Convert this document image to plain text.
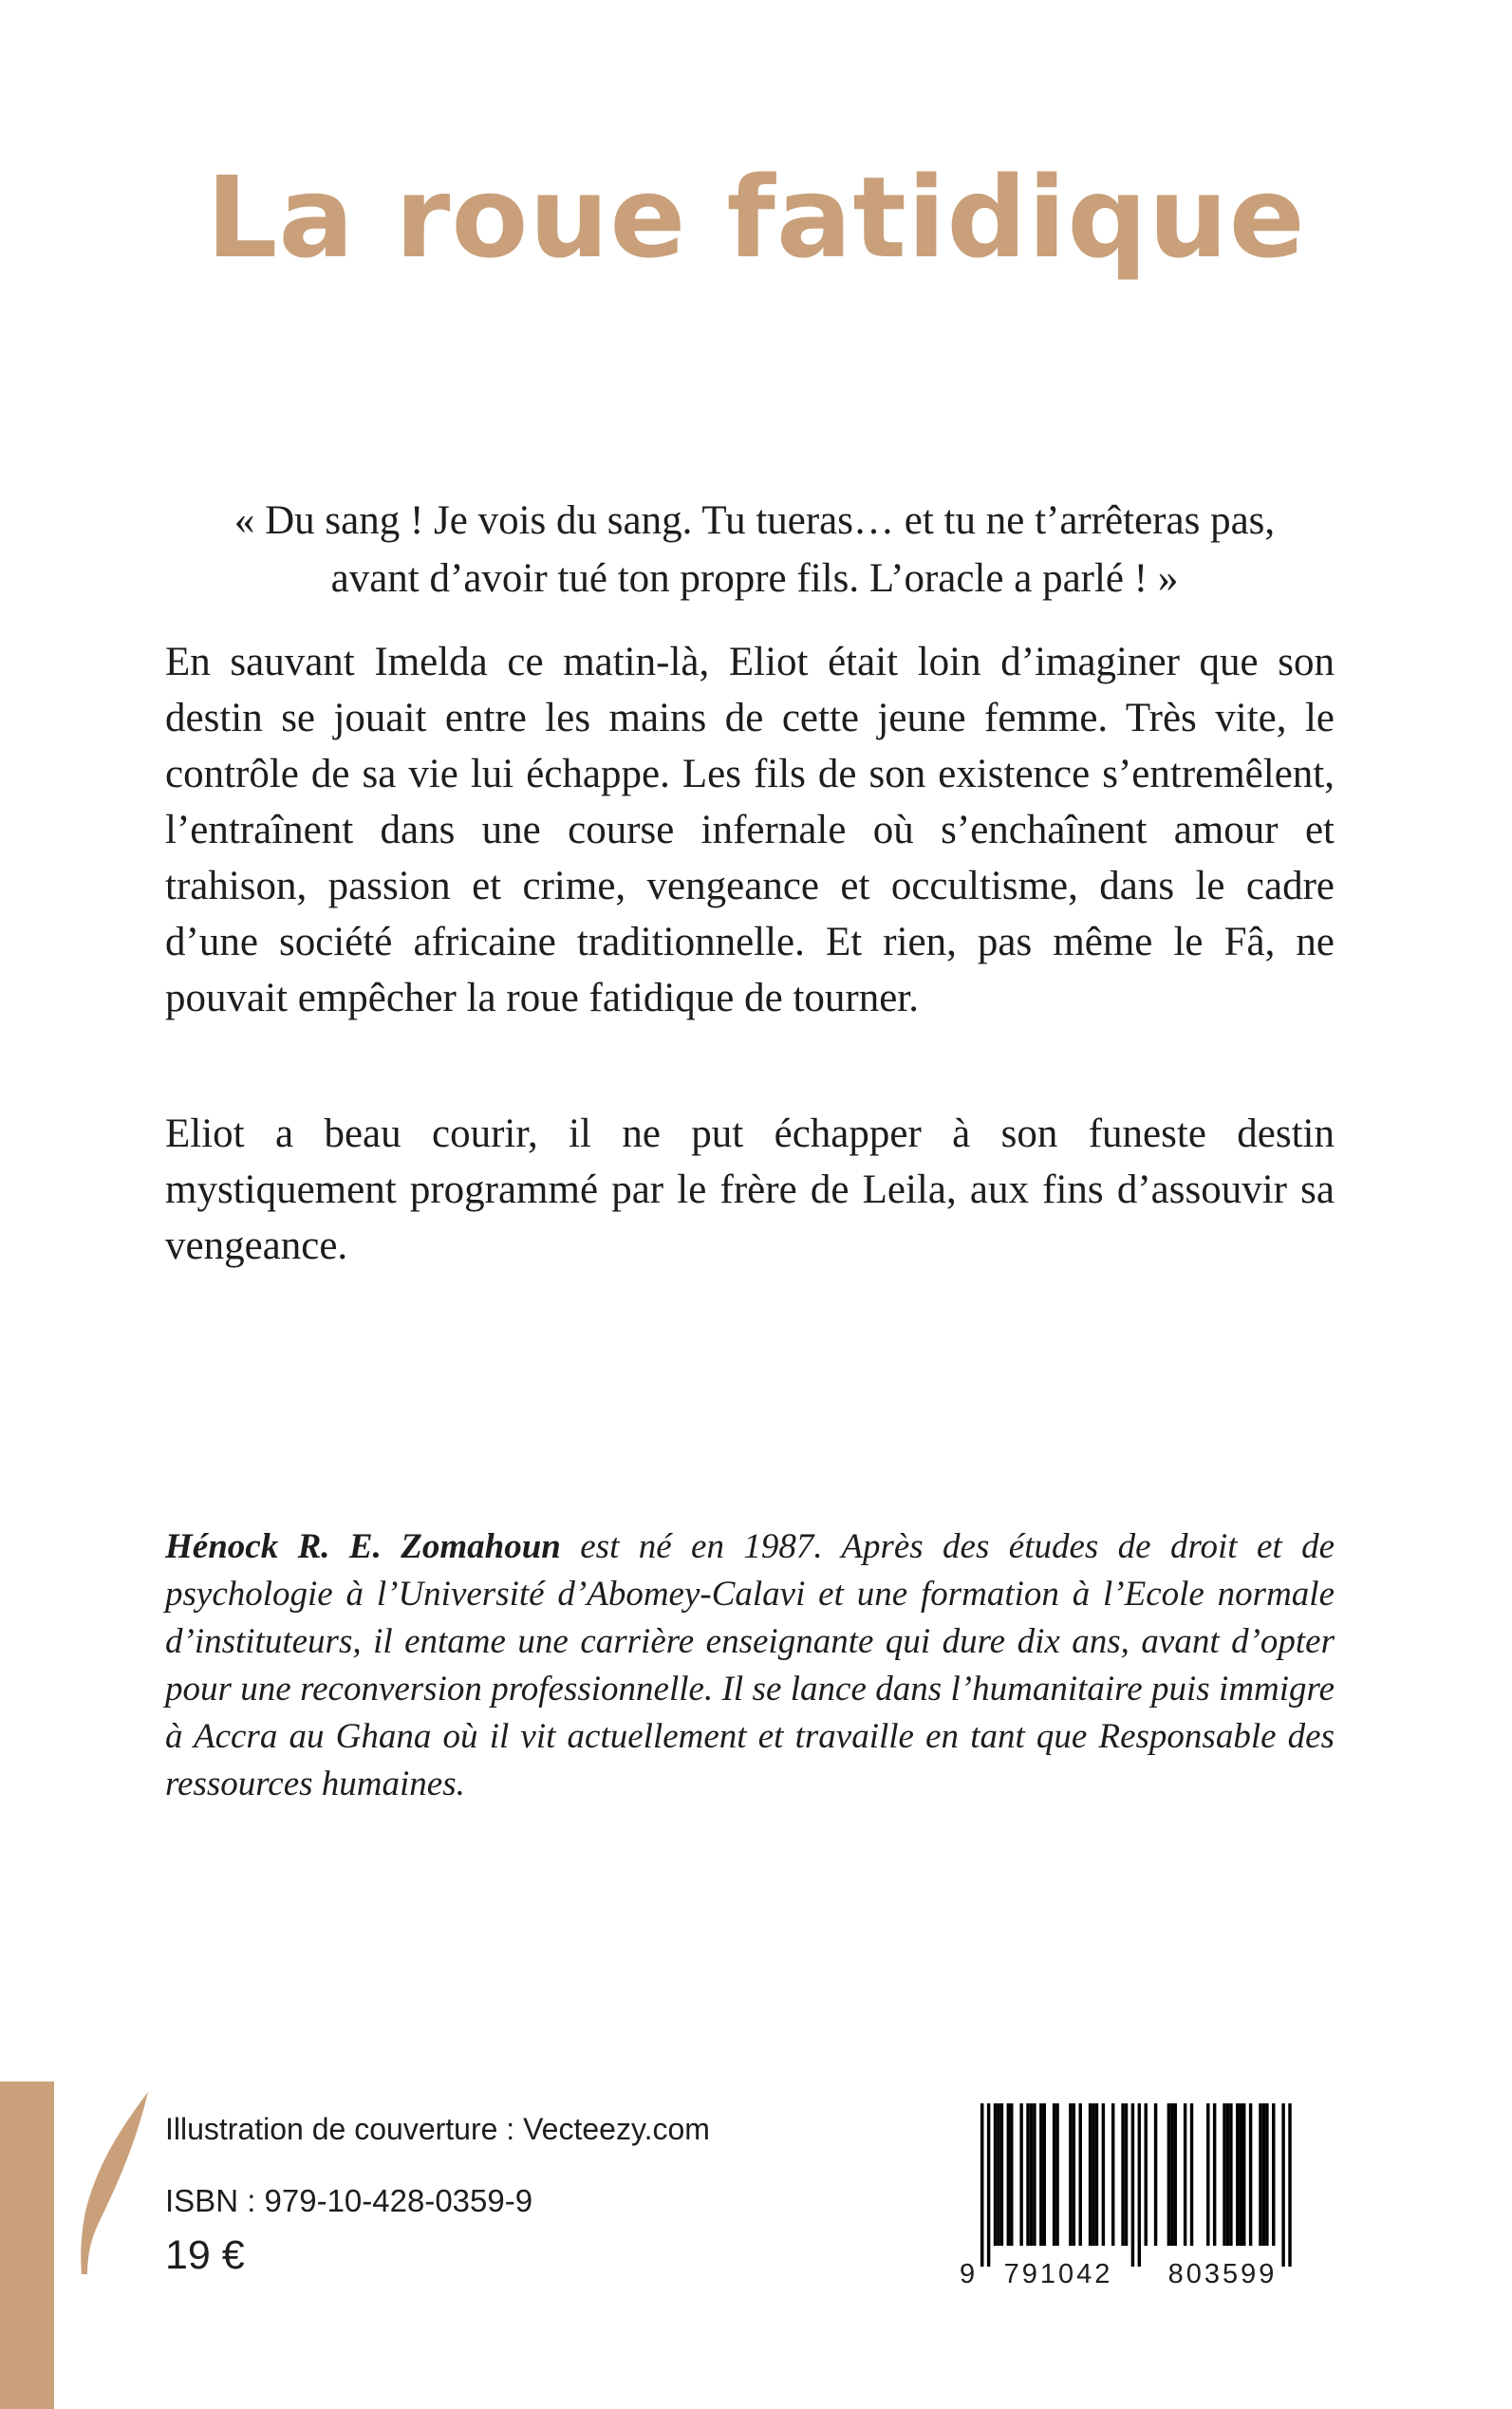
La roue fatidique
« Du sang ! Je vois du sang. Tu tueras… et tu ne t’arrêteras pas,
avant d’avoir tué ton propre fils. L’oracle a parlé ! »

En sauvant Imelda ce matin-là, Eliot était loin d’imaginer que son destin se jouait entre les mains de cette jeune femme. Très vite, le contrôle de sa vie lui échappe. Les fils de son existence s’entremêlent, l’entraînent dans une course infernale où s’enchaînent amour et trahison, passion et crime, vengeance et occultisme, dans le cadre d’une société africaine traditionnelle. Et rien, pas même le Fâ, ne pouvait empêcher la roue fatidique de tourner.

Eliot a beau courir, il ne put échapper à son funeste destin mystiquement programmé par le frère de Leila, aux fins d’assouvir sa vengeance.

Hénock R. E. Zomahoun est né en 1987. Après des études de droit et de psychologie à l’Université d’Abomey-Calavi et une formation à l’Ecole normale d’instituteurs, il entame une carrière enseignante qui dure dix ans, avant d’opter pour une reconversion professionnelle. Il se lance dans l’humanitaire puis immigre à Accra au Ghana où il vit actuellement et travaille en tant que Responsable des ressources humaines.

Illustration de couverture : Vecteezy.com

ISBN : 979-10-428-0359-9

19 €	9 791042 803599
